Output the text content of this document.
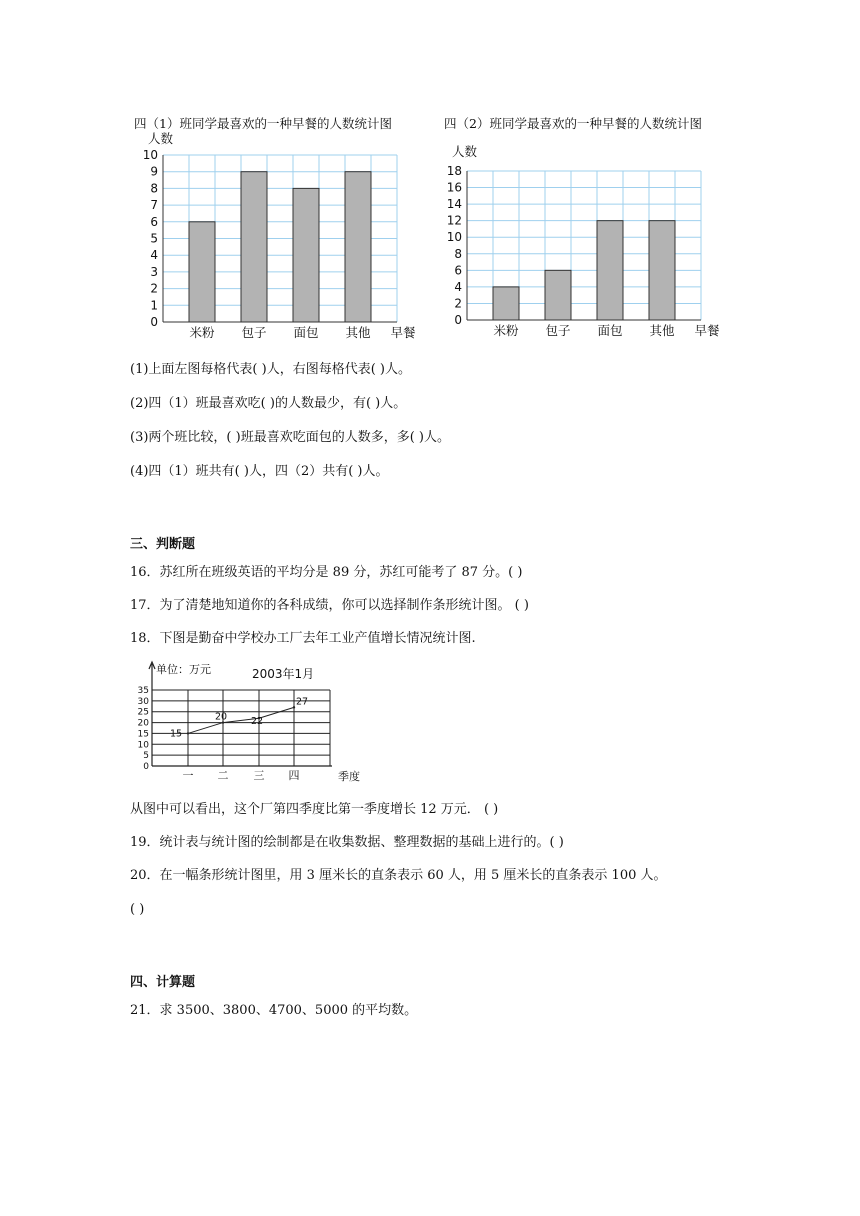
四（1）班同学最喜欢的一种早餐的人数统计图
0
1
2
3
4
5
6
7
8
9
10
米粉 包子 面包 其他 早餐
人数
四（2）班同学最喜欢的一种早餐的人数统计图
0
2
4
6
8
10
12
14
16
18
米粉 包子 面包 其他 早餐
人数
(1)上面左图每格代表( )人，右图每格代表( )人。
(2)四（1）班最喜欢吃( )的人数最少，有( )人。
(3)两个班比较，( )班最喜欢吃面包的人数多，多( )人。
(4)四（1）班共有( )人，四（2）共有( )人。
三、判断题
16．苏红所在班级英语的平均分是 89 分，苏红可能考了 87 分。( )
17．为了清楚地知道你的各科成绩，你可以选择制作条形统计图。 ( )
18．下图是勤奋中学校办工厂去年工业产值增长情况统计图.
0
5
10
15
20
25
30
35
15
20	22
27
一 二 三 四	季度
单位：万元	2003年1月
从图中可以看出，这个厂第四季度比第一季度增长 12 万元． ( )
19．统计表与统计图的绘制都是在收集数据、整理数据的基础上进行的。( )
20．在一幅条形统计图里，用 3 厘米长的直条表示 60 人，用 5 厘米长的直条表示 100 人。
( )
四、计算题
21．求 3500、3800、4700、5000 的平均数。
